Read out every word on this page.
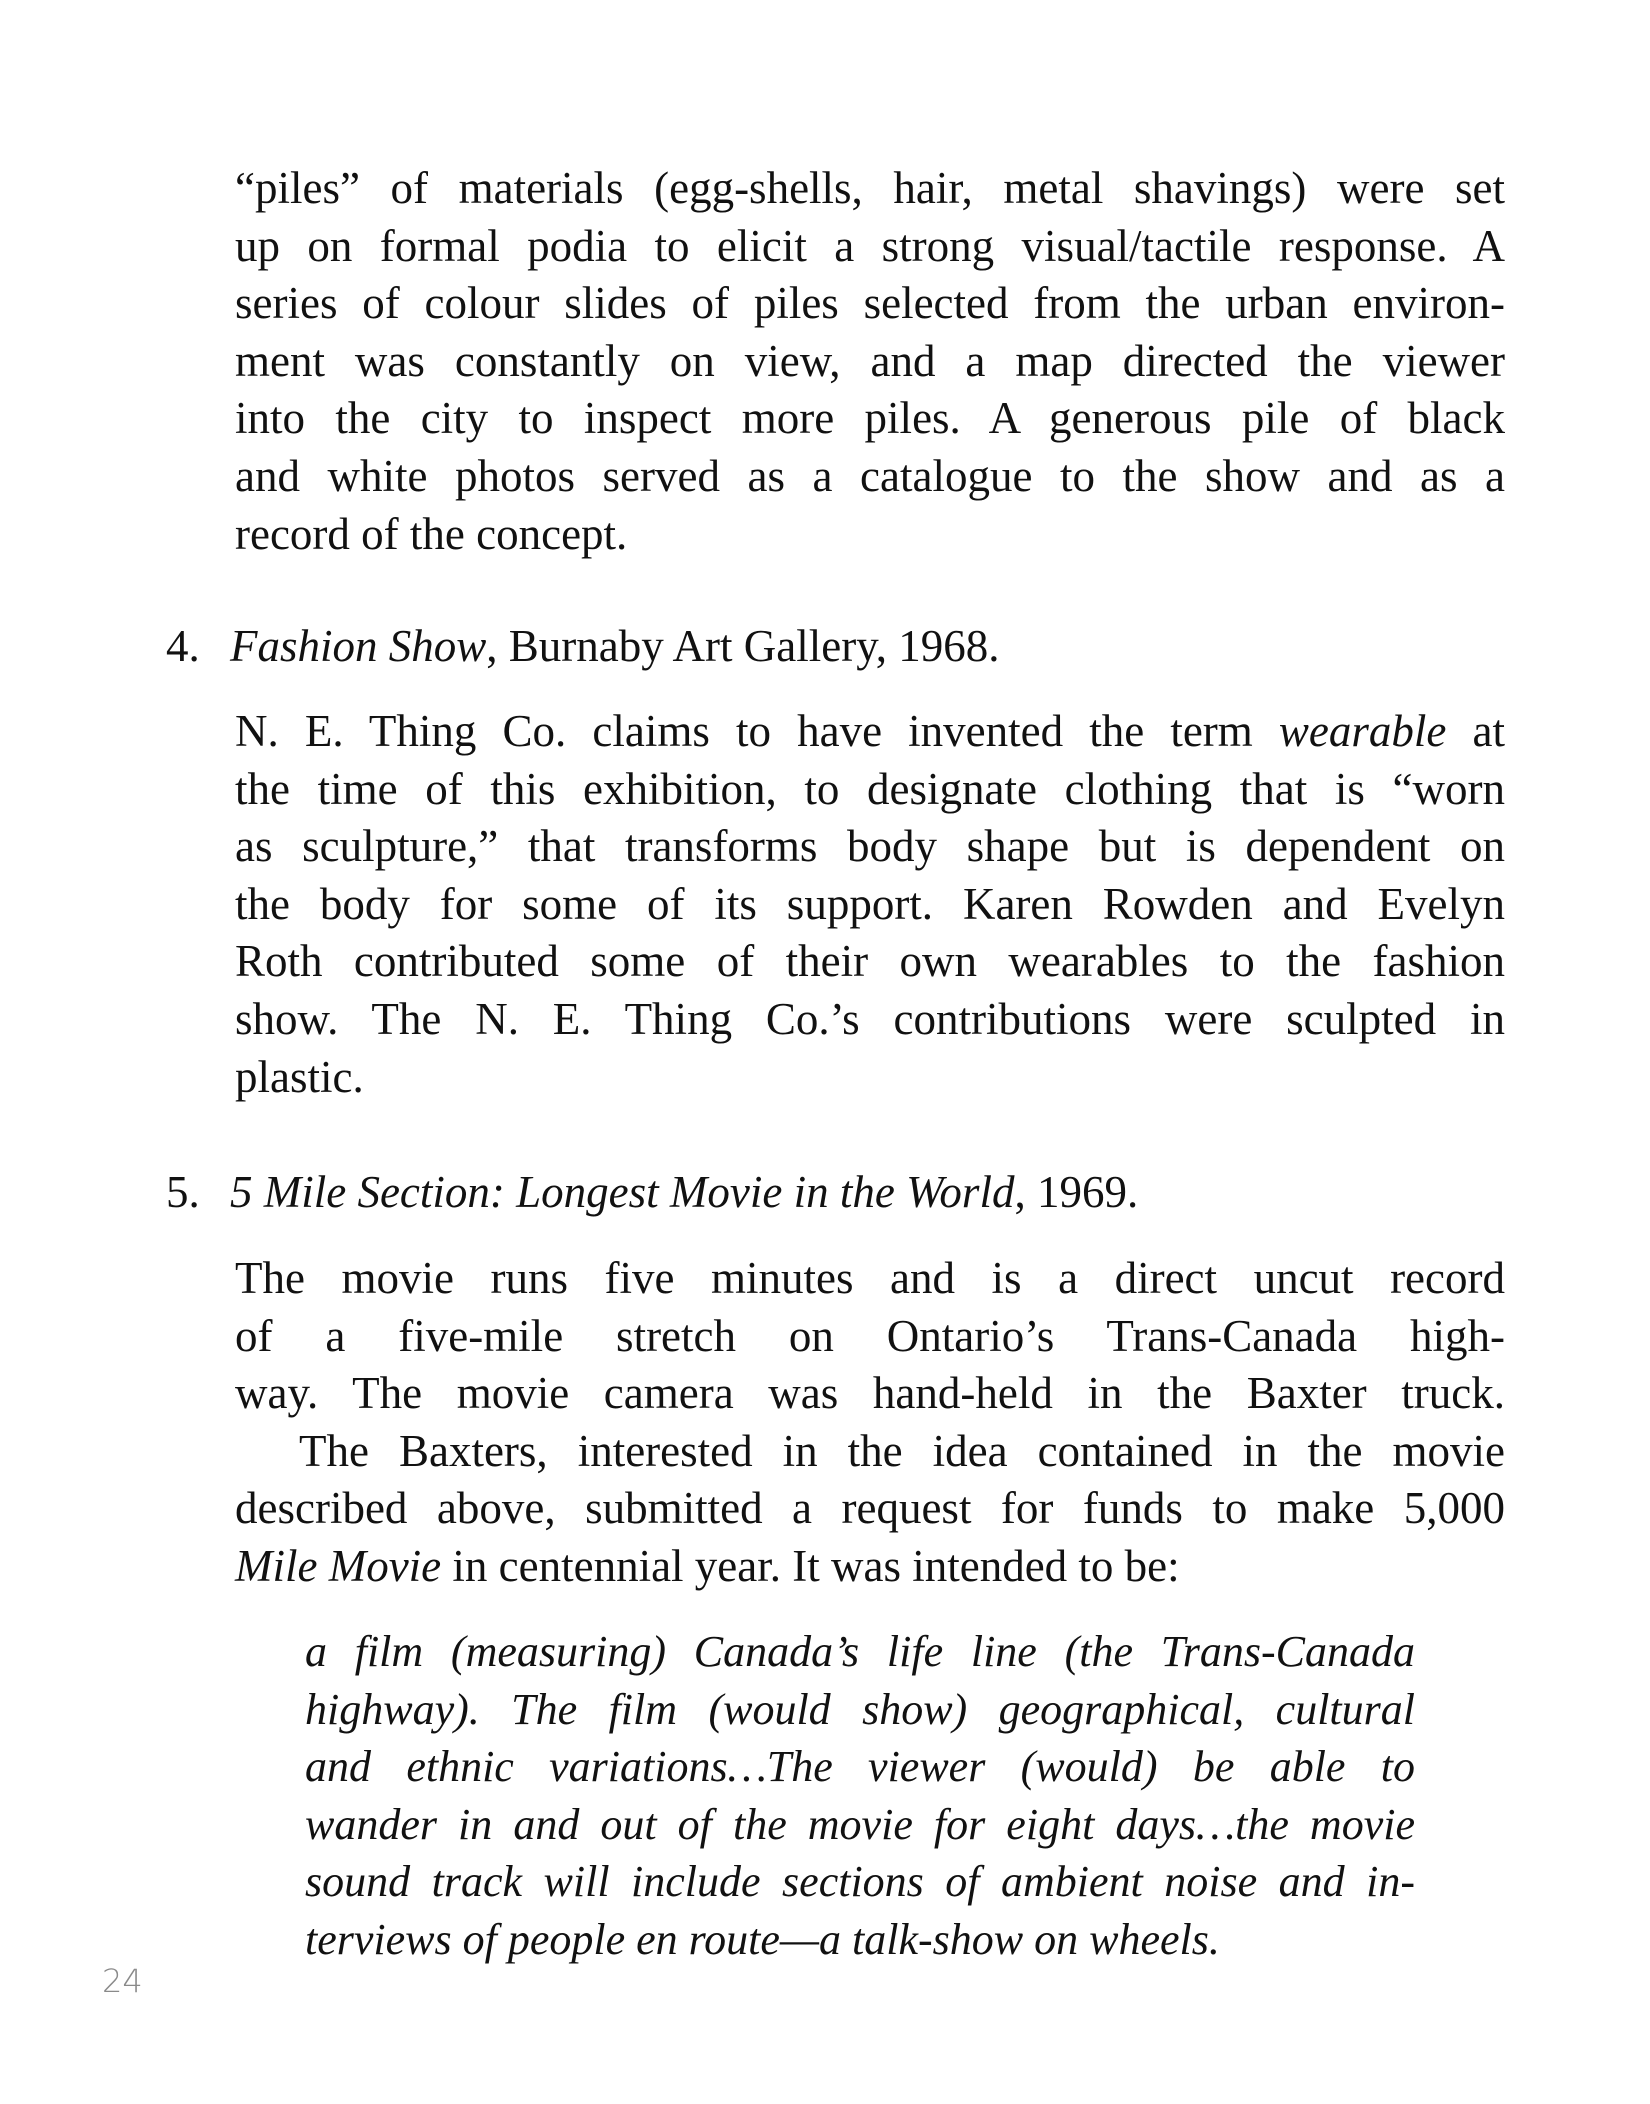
“piles” of materials (egg-shells, hair, metal shavings) were set
up on formal podia to elicit a strong visual/tactile response. A
series of colour slides of piles selected from the urban environ-
ment was constantly on view, and a map directed the viewer
into the city to inspect more piles. A generous pile of black
and white photos served as a catalogue to the show and as a
record of the concept.
4. Fashion Show, Burnaby Art Gallery, 1968.
N. E. Thing Co. claims to have invented the term wearable at
the time of this exhibition, to designate clothing that is “worn
as sculpture,” that transforms body shape but is dependent on
the body for some of its support. Karen Rowden and Evelyn
Roth contributed some of their own wearables to the fashion
show. The N. E. Thing Co.’s contributions were sculpted in
plastic.
5. 5 Mile Section: Longest Movie in the World, 1969.
The movie runs five minutes and is a direct uncut record
of a five-mile stretch on Ontario’s Trans-Canada high-
way. The movie camera was hand-held in the Baxter truck.
The Baxters, interested in the idea contained in the movie
described above, submitted a request for funds to make 5,000
Mile Movie in centennial year. It was intended to be:
a film (measuring) Canada’s life line (the Trans-Canada
highway). The film (would show) geographical, cultural
and ethnic variations…The viewer (would) be able to
wander in and out of the movie for eight days…the movie
sound track will include sections of ambient noise and in-
terviews of people en route—a talk-show on wheels.
24
